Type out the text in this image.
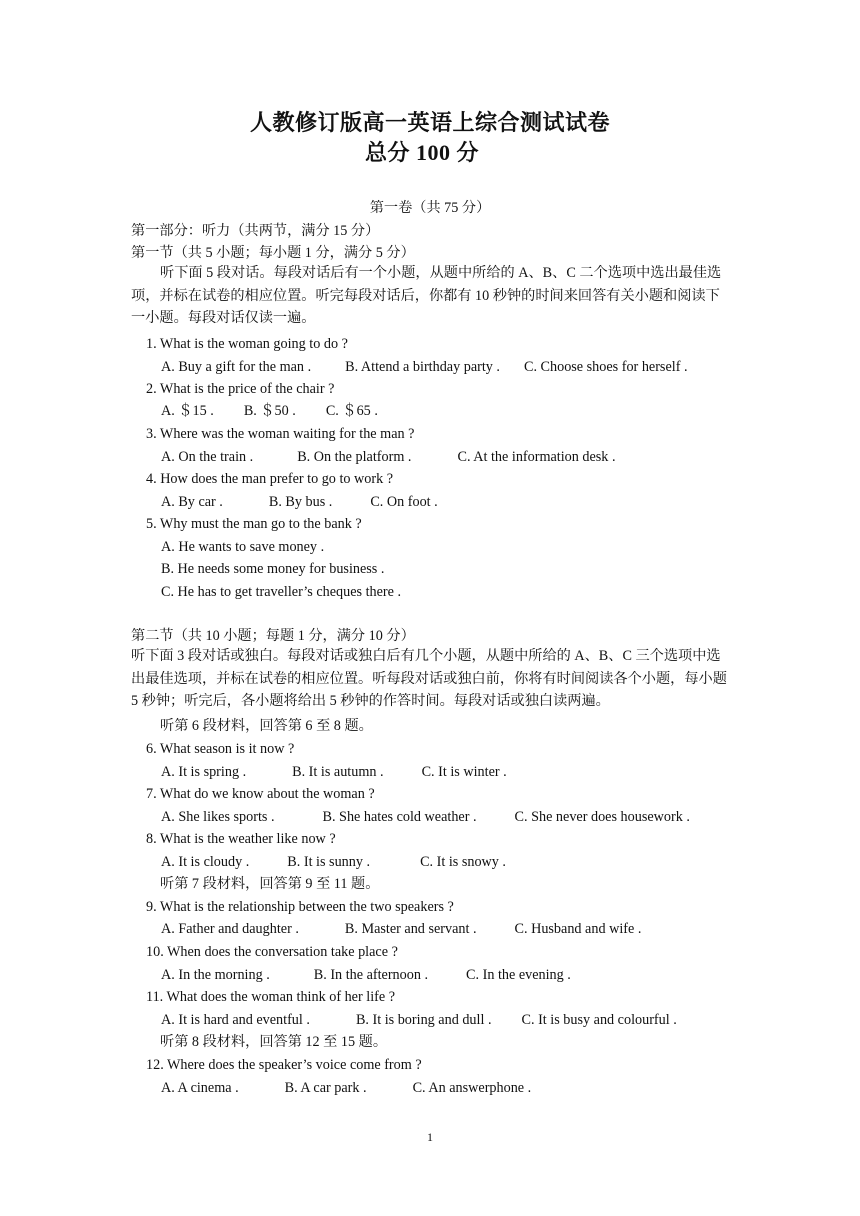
人教修订版高一英语上综合测试试卷
总分 100 分
第一卷（共 75 分）
第一部分：听力（共两节，满分 15 分）
第一节（共 5 小题；每小题 1 分，满分 5 分）
听下面 5 段对话。每段对话后有一个小题，从题中所给的 A、B、C 二个选项中选出最佳选项，并标在试卷的相应位置。听完每段对话后，你都有 10 秒钟的时间来回答有关小题和阅读下一小题。每段对话仅读一遍。
1. What is the woman going to do ?
A. Buy a gift for the man . B. Attend a birthday party . C. Choose shoes for herself .
2. What is the price of the chair ?
A. ＄15 . B. ＄50 . C. ＄65 .
3. Where was the woman waiting for the man ?
A. On the train .	B. On the platform .	C. At the information desk .
4. How does the man prefer to go to work ?
A. By car .	B. By bus .	C. On foot .
5. Why must the man go to the bank ?
A. He wants to save money .
B. He needs some money for business .
C. He has to get traveller’s cheques there .
第二节（共 10 小题；每题 1 分，满分 10 分）
听下面 3 段对话或独白。每段对话或独白后有几个小题，从题中所给的 A、B、C 三个选项中选出最佳选项，并标在试卷的相应位置。听每段对话或独白前，你将有时间阅读各个小题，每小题 5 秒钟；听完后，各小题将给出 5 秒钟的作答时间。每段对话或独白读两遍。
听第 6 段材料，回答第 6 至 8 题。
6. What season is it now ?
A. It is spring .	B. It is autumn .	C. It is winter .
7. What do we know about the woman ?
A. She likes sports .	B. She hates cold weather .	C. She never does housework .
8. What is the weather like now ?
A. It is cloudy .	B. It is sunny .	C. It is snowy .
听第 7 段材料，回答第 9 至 11 题。
9. What is the relationship between the two speakers ?
A. Father and daughter .	B. Master and servant .	C. Husband and wife .
10. When does the conversation take place ?
A. In the morning .	B. In the afternoon .	C. In the evening .
11. What does the woman think of her life ?
A. It is hard and eventful .	B. It is boring and dull . C. It is busy and colourful .
听第 8 段材料，回答第 12 至 15 题。
12. Where does the speaker’s voice come from ?
A. A cinema .	B. A car park .	C. An answerphone .
1
